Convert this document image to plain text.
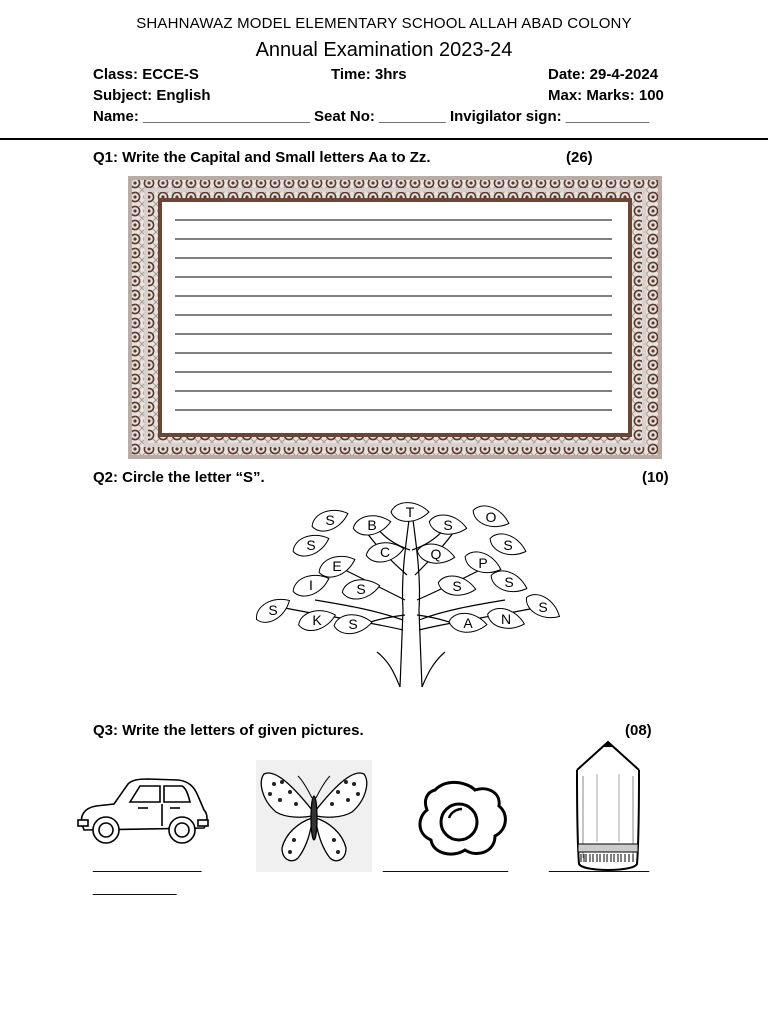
SHAHNAWAZ MODEL ELEMENTARY SCHOOL ALLAH ABAD COLONY
Annual Examination 2023-24
Class: ECCE-S	Time: 3hrs	Date: 29-4-2024
Subject: English	Max: Marks: 100
Name: ____________________ Seat No: ________ Invigilator sign: __________
Q1: Write the Capital and Small letters Aa to Zz.	(26)
Q2: Circle the letter “S”.	(10)
S B
T
S O
S	C	Q
S
E	P
I	S	S	S
S
K S	A N
S
Q3: Write the letters of given pictures.	(08)
_____________
__________
_______________	____________
